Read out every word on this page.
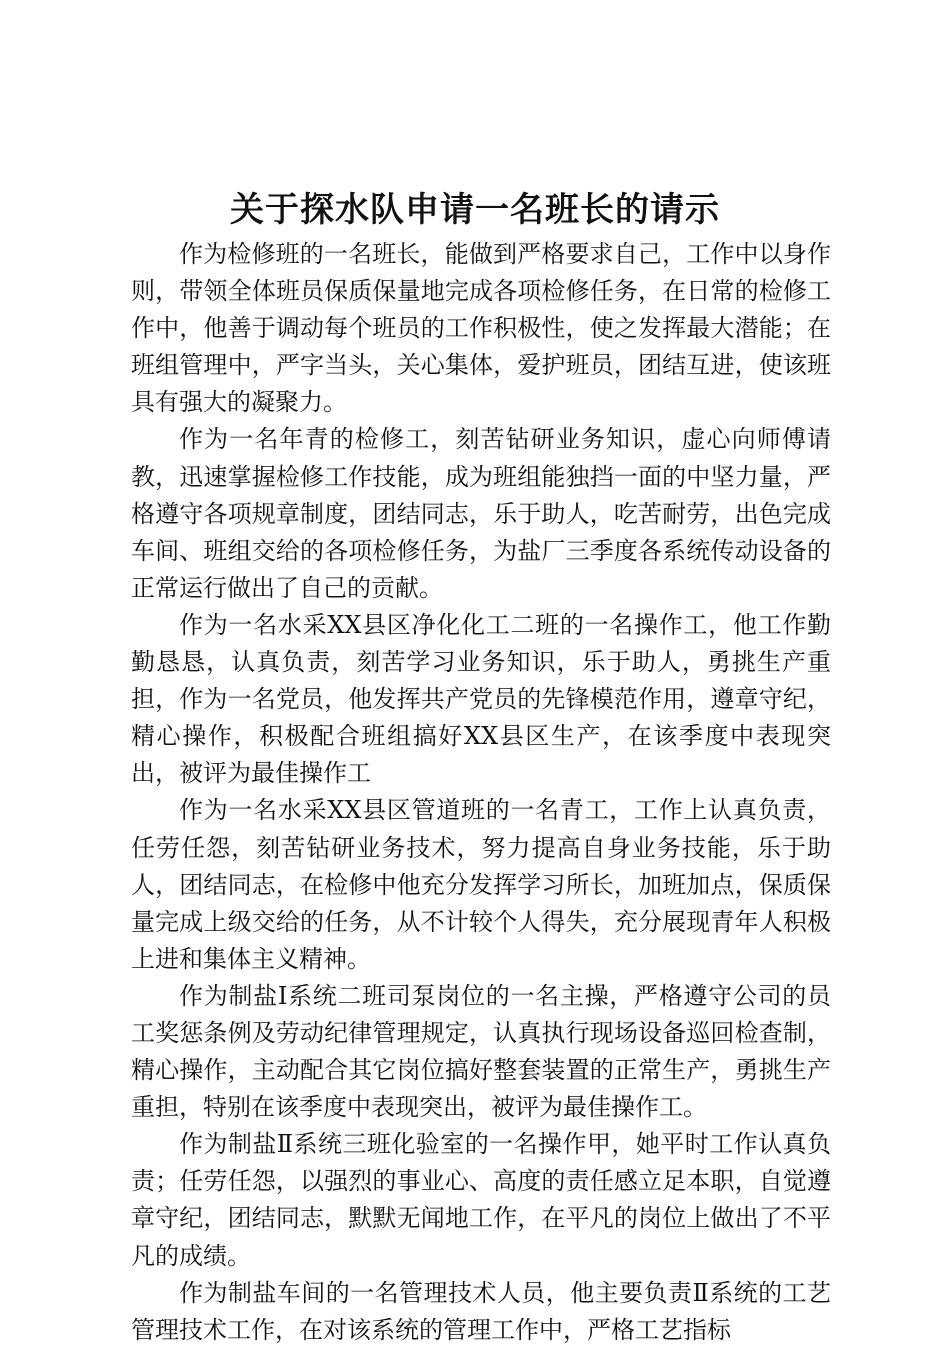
关于探水队申请一名班长的请示

作为检修班的一名班长，能做到严格要求自己，工作中以身作则，带领全体班员保质保量地完成各项检修任务，在日常的检修工作中，他善于调动每个班员的工作积极性，使之发挥最大潜能；在班组管理中，严字当头，关心集体，爱护班员，团结互进，使该班具有强大的凝聚力。

作为一名年青的检修工，刻苦钻研业务知识，虚心向师傅请教，迅速掌握检修工作技能，成为班组能独挡一面的中坚力量，严格遵守各项规章制度，团结同志，乐于助人，吃苦耐劳，出色完成车间、班组交给的各项检修任务，为盐厂三季度各系统传动设备的正常运行做出了自己的贡献。

作为一名水采XX县区净化化工二班的一名操作工，他工作勤勤恳恳，认真负责，刻苦学习业务知识，乐于助人，勇挑生产重担，作为一名党员，他发挥共产党员的先锋模范作用，遵章守纪，精心操作，积极配合班组搞好XX县区生产，在该季度中表现突出，被评为最佳操作工

作为一名水采XX县区管道班的一名青工，工作上认真负责，任劳任怨，刻苦钻研业务技术，努力提高自身业务技能，乐于助人，团结同志，在检修中他充分发挥学习所长，加班加点，保质保量完成上级交给的任务，从不计较个人得失，充分展现青年人积极上进和集体主义精神。

作为制盐Ⅰ系统二班司泵岗位的一名主操，严格遵守公司的员工奖惩条例及劳动纪律管理规定，认真执行现场设备巡回检查制，精心操作，主动配合其它岗位搞好整套装置的正常生产，勇挑生产重担，特别在该季度中表现突出，被评为最佳操作工。

作为制盐Ⅱ系统三班化验室的一名操作甲，她平时工作认真负责；任劳任怨，以强烈的事业心、高度的责任感立足本职，自觉遵章守纪，团结同志，默默无闻地工作，在平凡的岗位上做出了不平凡的成绩。

作为制盐车间的一名管理技术人员，他主要负责Ⅱ系统的工艺管理技术工作，在对该系统的管理工作中，严格工艺指标
